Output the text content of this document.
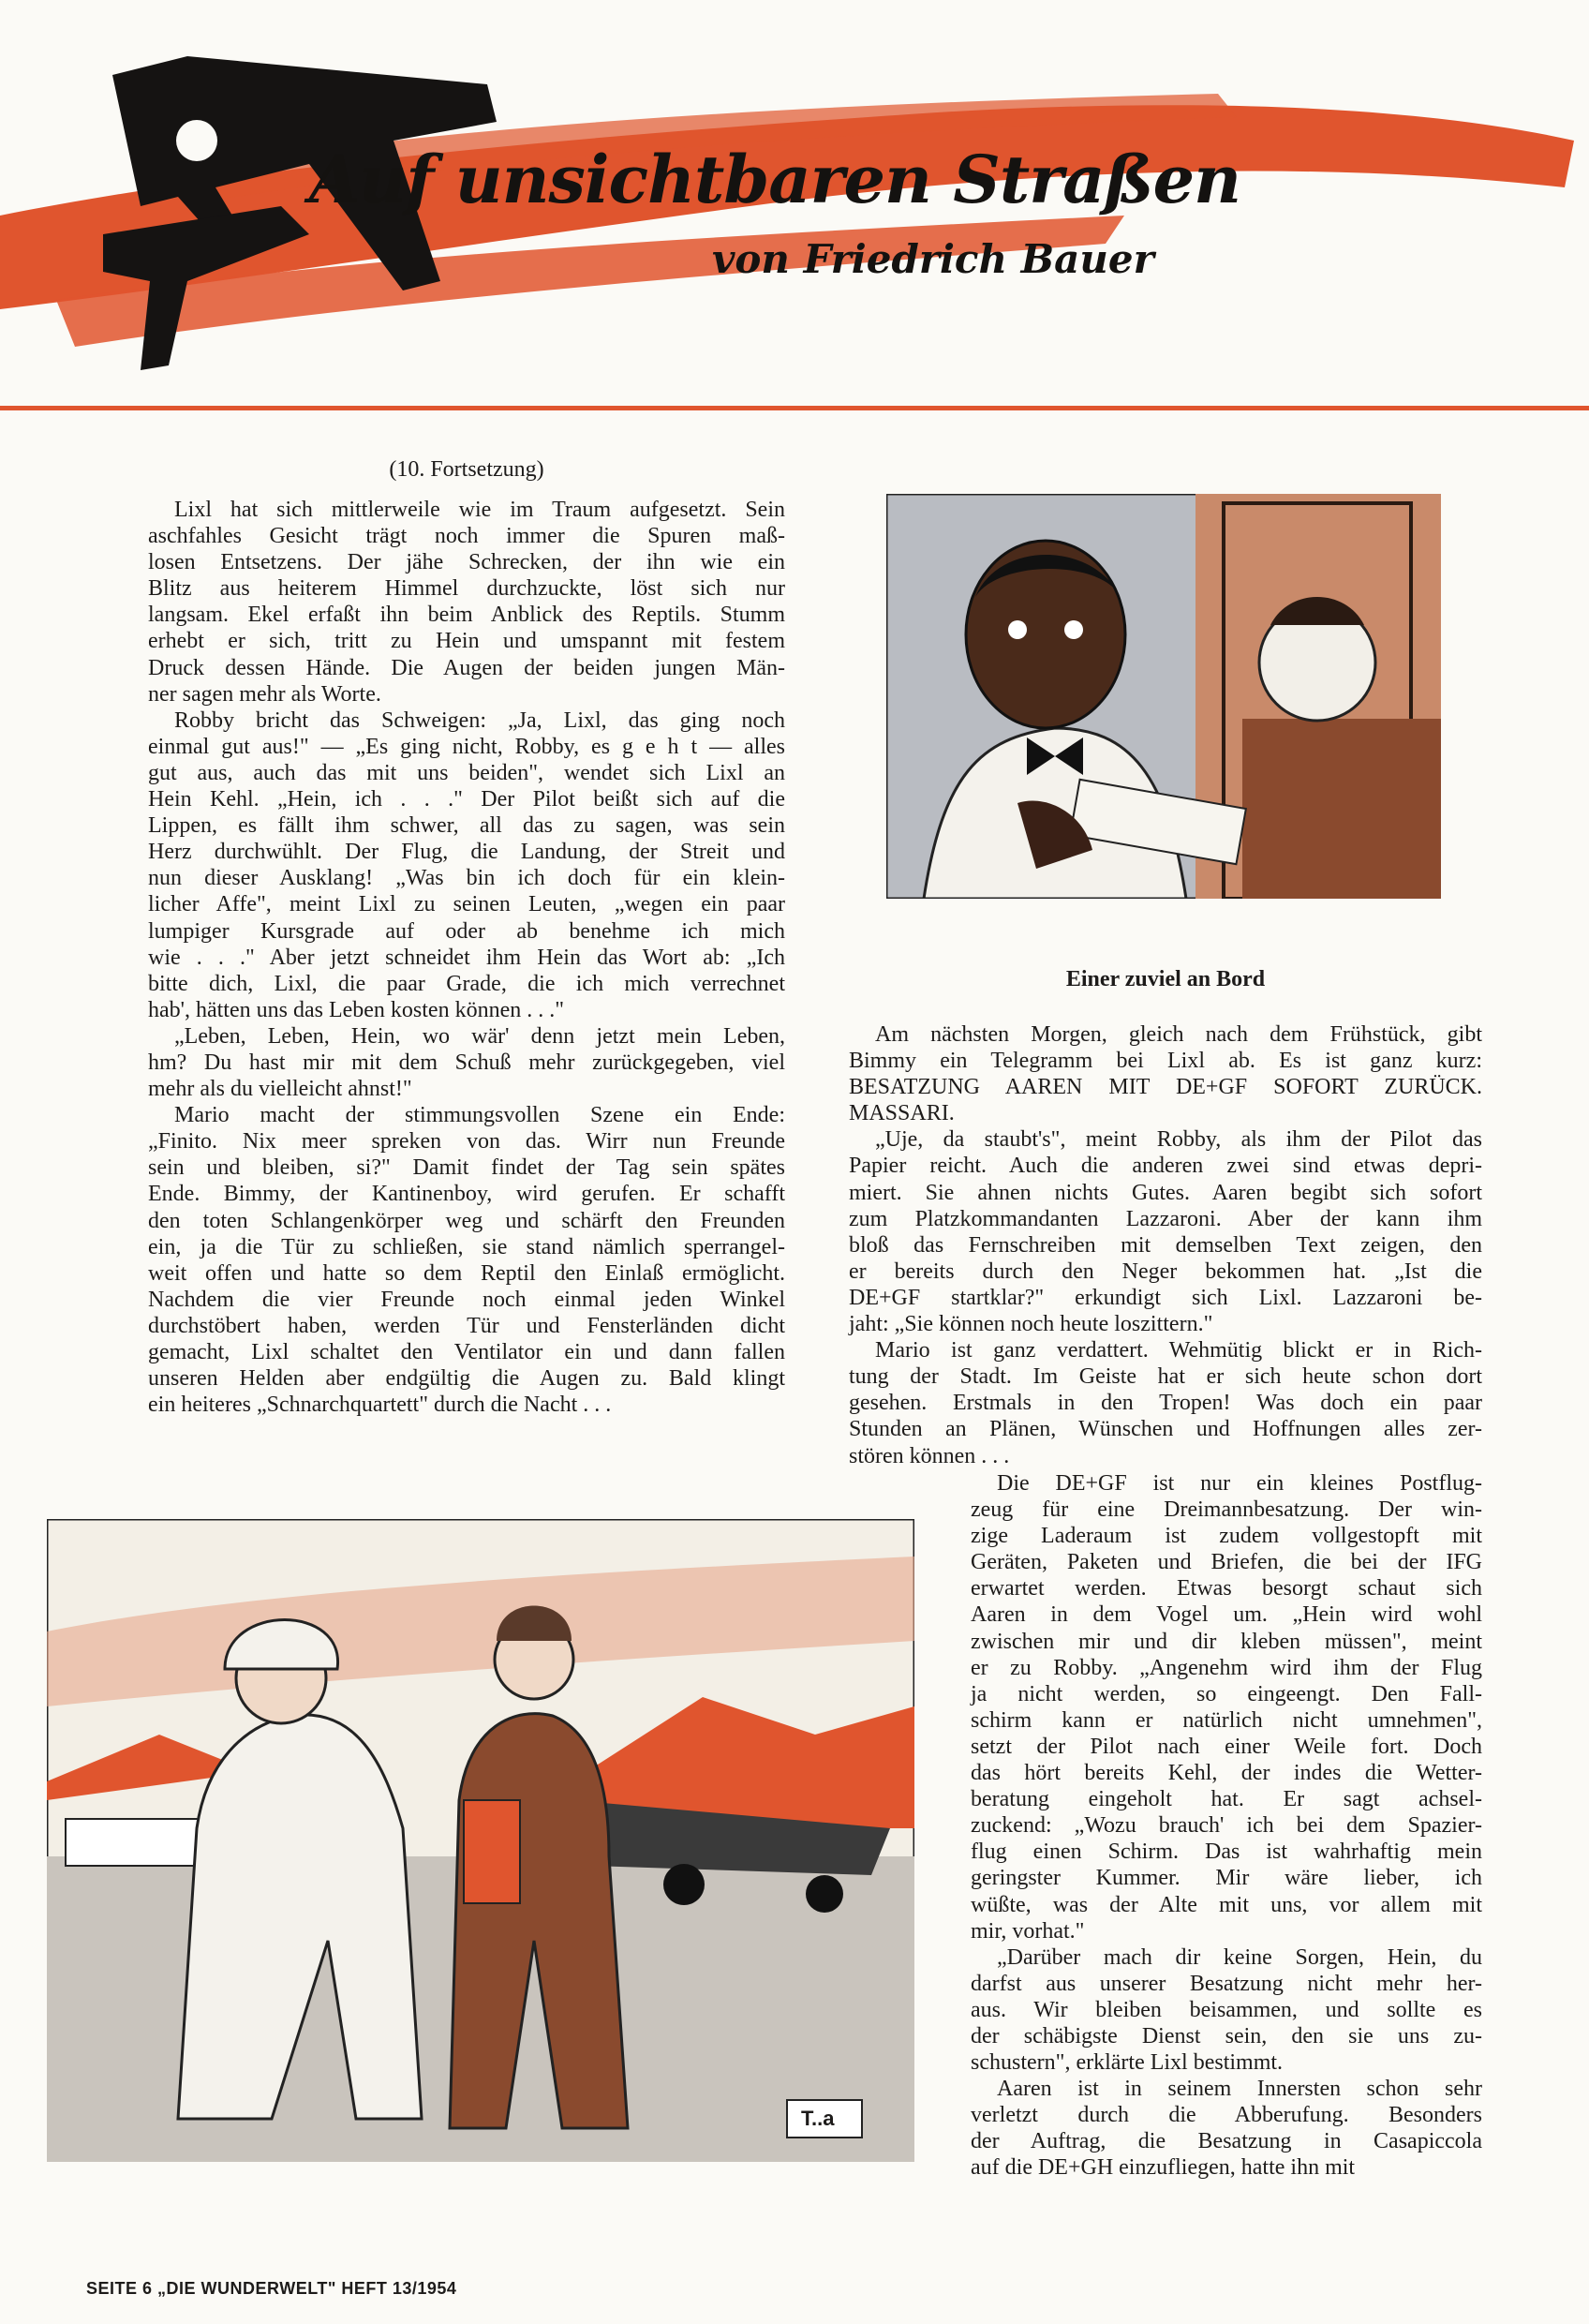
Auf unsichtbaren Straßen
von Friedrich Bauer
(10. Fortsetzung)
Lixl hat sich mittlerweile wie im Traum aufgesetzt. Sein
aschfahles Gesicht trägt noch immer die Spuren maß-
losen Entsetzens. Der jähe Schrecken, der ihn wie ein
Blitz aus heiterem Himmel durchzuckte, löst sich nur
langsam. Ekel erfaßt ihn beim Anblick des Reptils. Stumm
erhebt er sich, tritt zu Hein und umspannt mit festem
Druck dessen Hände. Die Augen der beiden jungen Män-
ner sagen mehr als Worte.
Robby bricht das Schweigen: „Ja, Lixl, das ging noch
einmal gut aus!" — „Es ging nicht, Robby, es g e h t — alles
gut aus, auch das mit uns beiden", wendet sich Lixl an
Hein Kehl. „Hein, ich . . ." Der Pilot beißt sich auf die
Lippen, es fällt ihm schwer, all das zu sagen, was sein
Herz durchwühlt. Der Flug, die Landung, der Streit und
nun dieser Ausklang! „Was bin ich doch für ein klein-
licher Affe", meint Lixl zu seinen Leuten, „wegen ein paar
lumpiger Kursgrade auf oder ab benehme ich mich
wie . . ." Aber jetzt schneidet ihm Hein das Wort ab: „Ich
bitte dich, Lixl, die paar Grade, die ich mich verrechnet
hab', hätten uns das Leben kosten können . . ."
„Leben, Leben, Hein, wo wär' denn jetzt mein Leben,
hm? Du hast mir mit dem Schuß mehr zurückgegeben, viel
mehr als du vielleicht ahnst!"
Mario macht der stimmungsvollen Szene ein Ende:
„Finito. Nix meer spreken von das. Wirr nun Freunde
sein und bleiben, si?" Damit findet der Tag sein spätes
Ende. Bimmy, der Kantinenboy, wird gerufen. Er schafft
den toten Schlangenkörper weg und schärft den Freunden
ein, ja die Tür zu schließen, sie stand nämlich sperrangel-
weit offen und hatte so dem Reptil den Einlaß ermöglicht.
Nachdem die vier Freunde noch einmal jeden Winkel
durchstöbert haben, werden Tür und Fensterländen dicht
gemacht, Lixl schaltet den Ventilator ein und dann fallen
unseren Helden aber endgültig die Augen zu. Bald klingt
ein heiteres „Schnarchquartett" durch die Nacht . . .
Einer zuviel an Bord
Am nächsten Morgen, gleich nach dem Frühstück, gibt
Bimmy ein Telegramm bei Lixl ab. Es ist ganz kurz:
BESATZUNG AAREN MIT DE+GF SOFORT ZURÜCK.
MASSARI.
„Uje, da staubt's", meint Robby, als ihm der Pilot das
Papier reicht. Auch die anderen zwei sind etwas depri-
miert. Sie ahnen nichts Gutes. Aaren begibt sich sofort
zum Platzkommandanten Lazzaroni. Aber der kann ihm
bloß das Fernschreiben mit demselben Text zeigen, den
er bereits durch den Neger bekommen hat. „Ist die
DE+GF startklar?" erkundigt sich Lixl. Lazzaroni be-
jaht: „Sie können noch heute loszittern."
Mario ist ganz verdattert. Wehmütig blickt er in Rich-
tung der Stadt. Im Geiste hat er sich heute schon dort
gesehen. Erstmals in den Tropen! Was doch ein paar
Stunden an Plänen, Wünschen und Hoffnungen alles zer-
stören können . . .
Die DE+GF ist nur ein kleines Postflug-
zeug für eine Dreimannbesatzung. Der win-
zige Laderaum ist zudem vollgestopft mit
Geräten, Paketen und Briefen, die bei der IFG
erwartet werden. Etwas besorgt schaut sich
Aaren in dem Vogel um. „Hein wird wohl
zwischen mir und dir kleben müssen", meint
er zu Robby. „Angenehm wird ihm der Flug
ja nicht werden, so eingeengt. Den Fall-
schirm kann er natürlich nicht umnehmen",
setzt der Pilot nach einer Weile fort. Doch
das hört bereits Kehl, der indes die Wetter-
beratung eingeholt hat. Er sagt achsel-
zuckend: „Wozu brauch' ich bei dem Spazier-
flug einen Schirm. Das ist wahrhaftig mein
geringster Kummer. Mir wäre lieber, ich
wüßte, was der Alte mit uns, vor allem mit
mir, vorhat."
„Darüber mach dir keine Sorgen, Hein, du
darfst aus unserer Besatzung nicht mehr her-
aus. Wir bleiben beisammen, und sollte es
der schäbigste Dienst sein, den sie uns zu-
schustern", erklärte Lixl bestimmt.
Aaren ist in seinem Innersten schon sehr
verletzt durch die Abberufung. Besonders
der Auftrag, die Besatzung in Casapiccola
auf die DE+GH einzufliegen, hatte ihn mit
T..a
SEITE 6 „DIE WUNDERWELT" HEFT 13/1954
